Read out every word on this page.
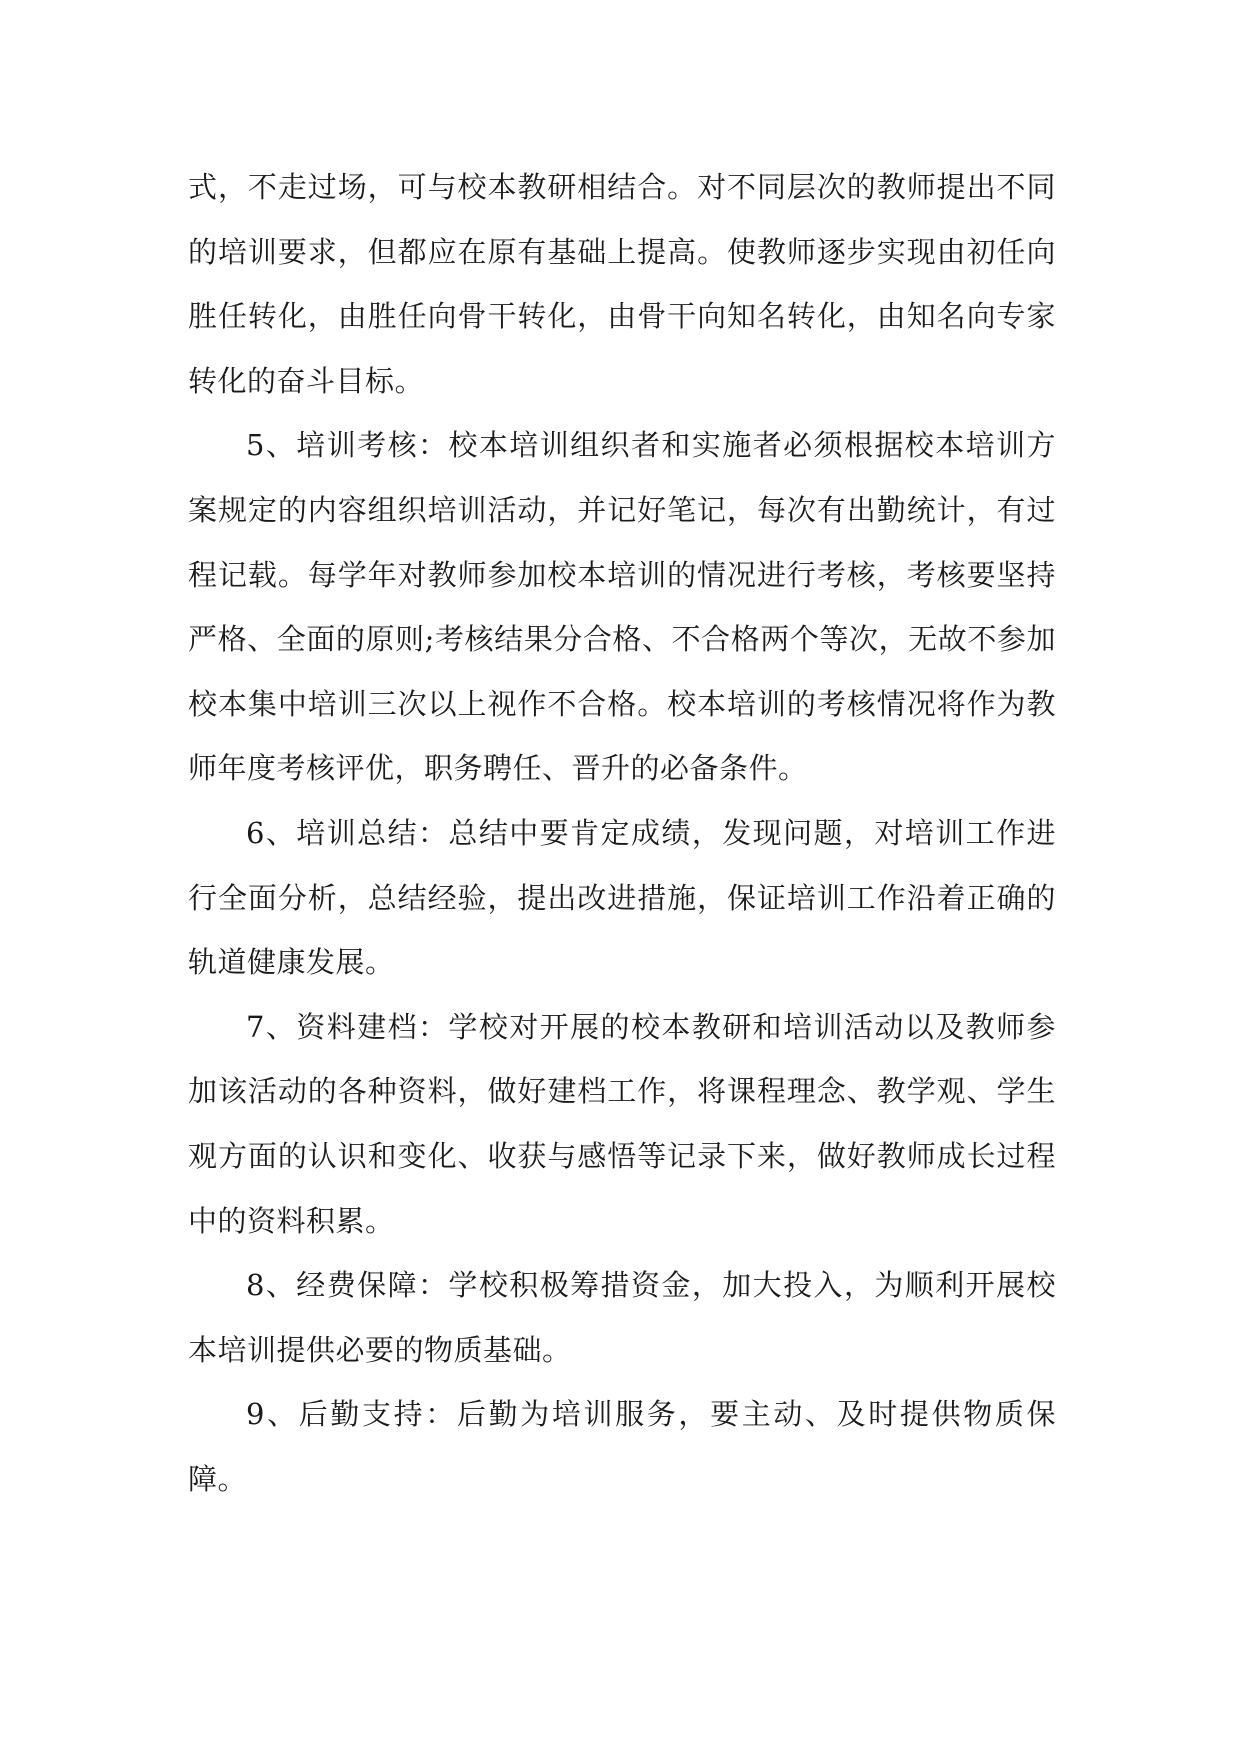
式，不走过场，可与校本教研相结合。对不同层次的教师提出不同的培训要求，但都应在原有基础上提高。使教师逐步实现由初任向胜任转化，由胜任向骨干转化，由骨干向知名转化，由知名向专家转化的奋斗目标。

5、培训考核：校本培训组织者和实施者必须根据校本培训方案规定的内容组织培训活动，并记好笔记，每次有出勤统计，有过程记载。每学年对教师参加校本培训的情况进行考核，考核要坚持严格、全面的原则;考核结果分合格、不合格两个等次，无故不参加校本集中培训三次以上视作不合格。校本培训的考核情况将作为教师年度考核评优，职务聘任、晋升的必备条件。

6、培训总结：总结中要肯定成绩，发现问题，对培训工作进行全面分析，总结经验，提出改进措施，保证培训工作沿着正确的轨道健康发展。

7、资料建档：学校对开展的校本教研和培训活动以及教师参加该活动的各种资料，做好建档工作，将课程理念、教学观、学生观方面的认识和变化、收获与感悟等记录下来，做好教师成长过程中的资料积累。

8、经费保障：学校积极筹措资金，加大投入，为顺利开展校本培训提供必要的物质基础。

9、后勤支持：后勤为培训服务，要主动、及时提供物质保障。
